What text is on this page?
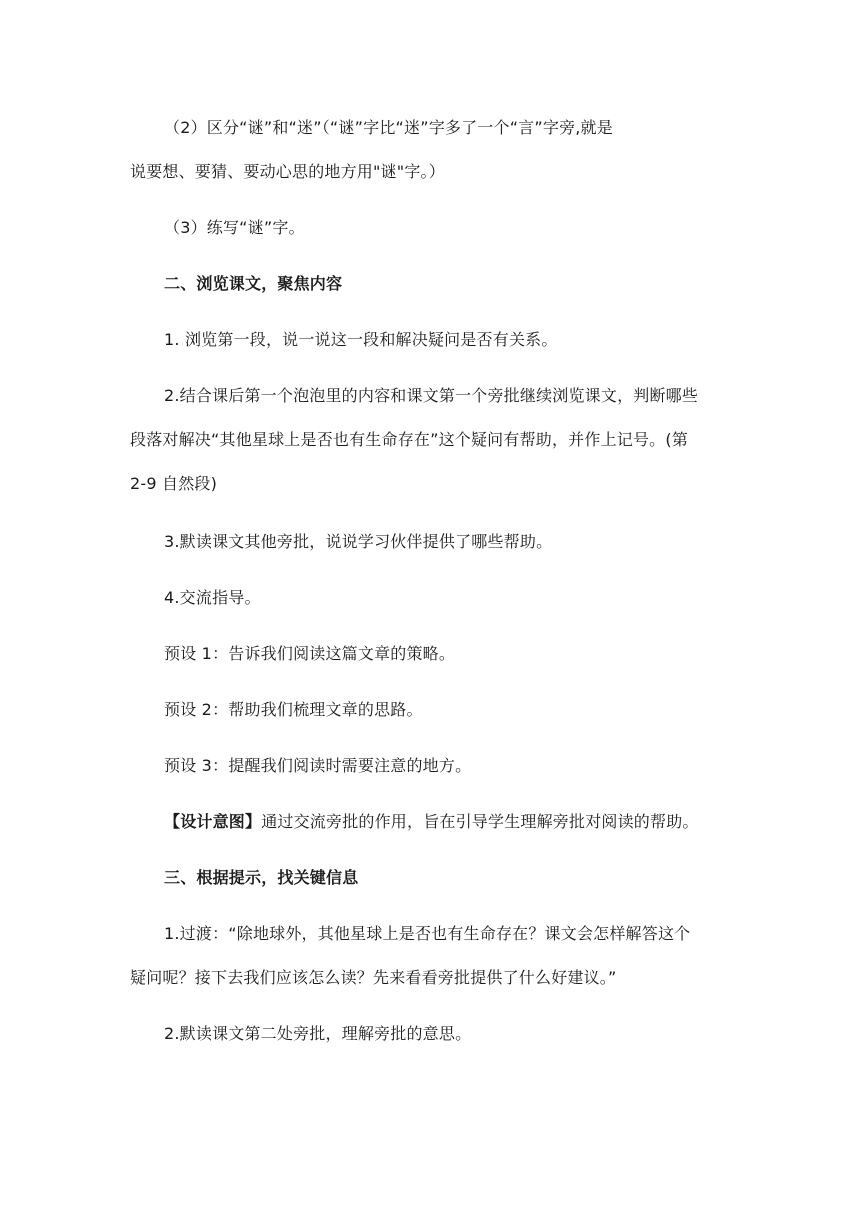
（2）区分“谜”和“迷”（“谜”字比“迷”字多了一个“言”字旁,就是
说要想、要猜、要动心思的地方用"谜"字。）

（3）练写“谜”字。

二、浏览课文，聚焦内容

1. 浏览第一段，说一说这一段和解决疑问是否有关系。

2.结合课后第一个泡泡里的内容和课文第一个旁批继续浏览课文，判断哪些
段落对解决“其他星球上是否也有生命存在”这个疑问有帮助，并作上记号。(第
2-9 自然段)

3.默读课文其他旁批，说说学习伙伴提供了哪些帮助。

4.交流指导。

预设 1：告诉我们阅读这篇文章的策略。

预设 2：帮助我们梳理文章的思路。

预设 3：提醒我们阅读时需要注意的地方。

【设计意图】通过交流旁批的作用，旨在引导学生理解旁批对阅读的帮助。

三、根据提示，找关键信息

1.过渡：“除地球外，其他星球上是否也有生命存在？课文会怎样解答这个
疑问呢？接下去我们应该怎么读？先来看看旁批提供了什么好建议。”

2.默读课文第二处旁批，理解旁批的意思。
